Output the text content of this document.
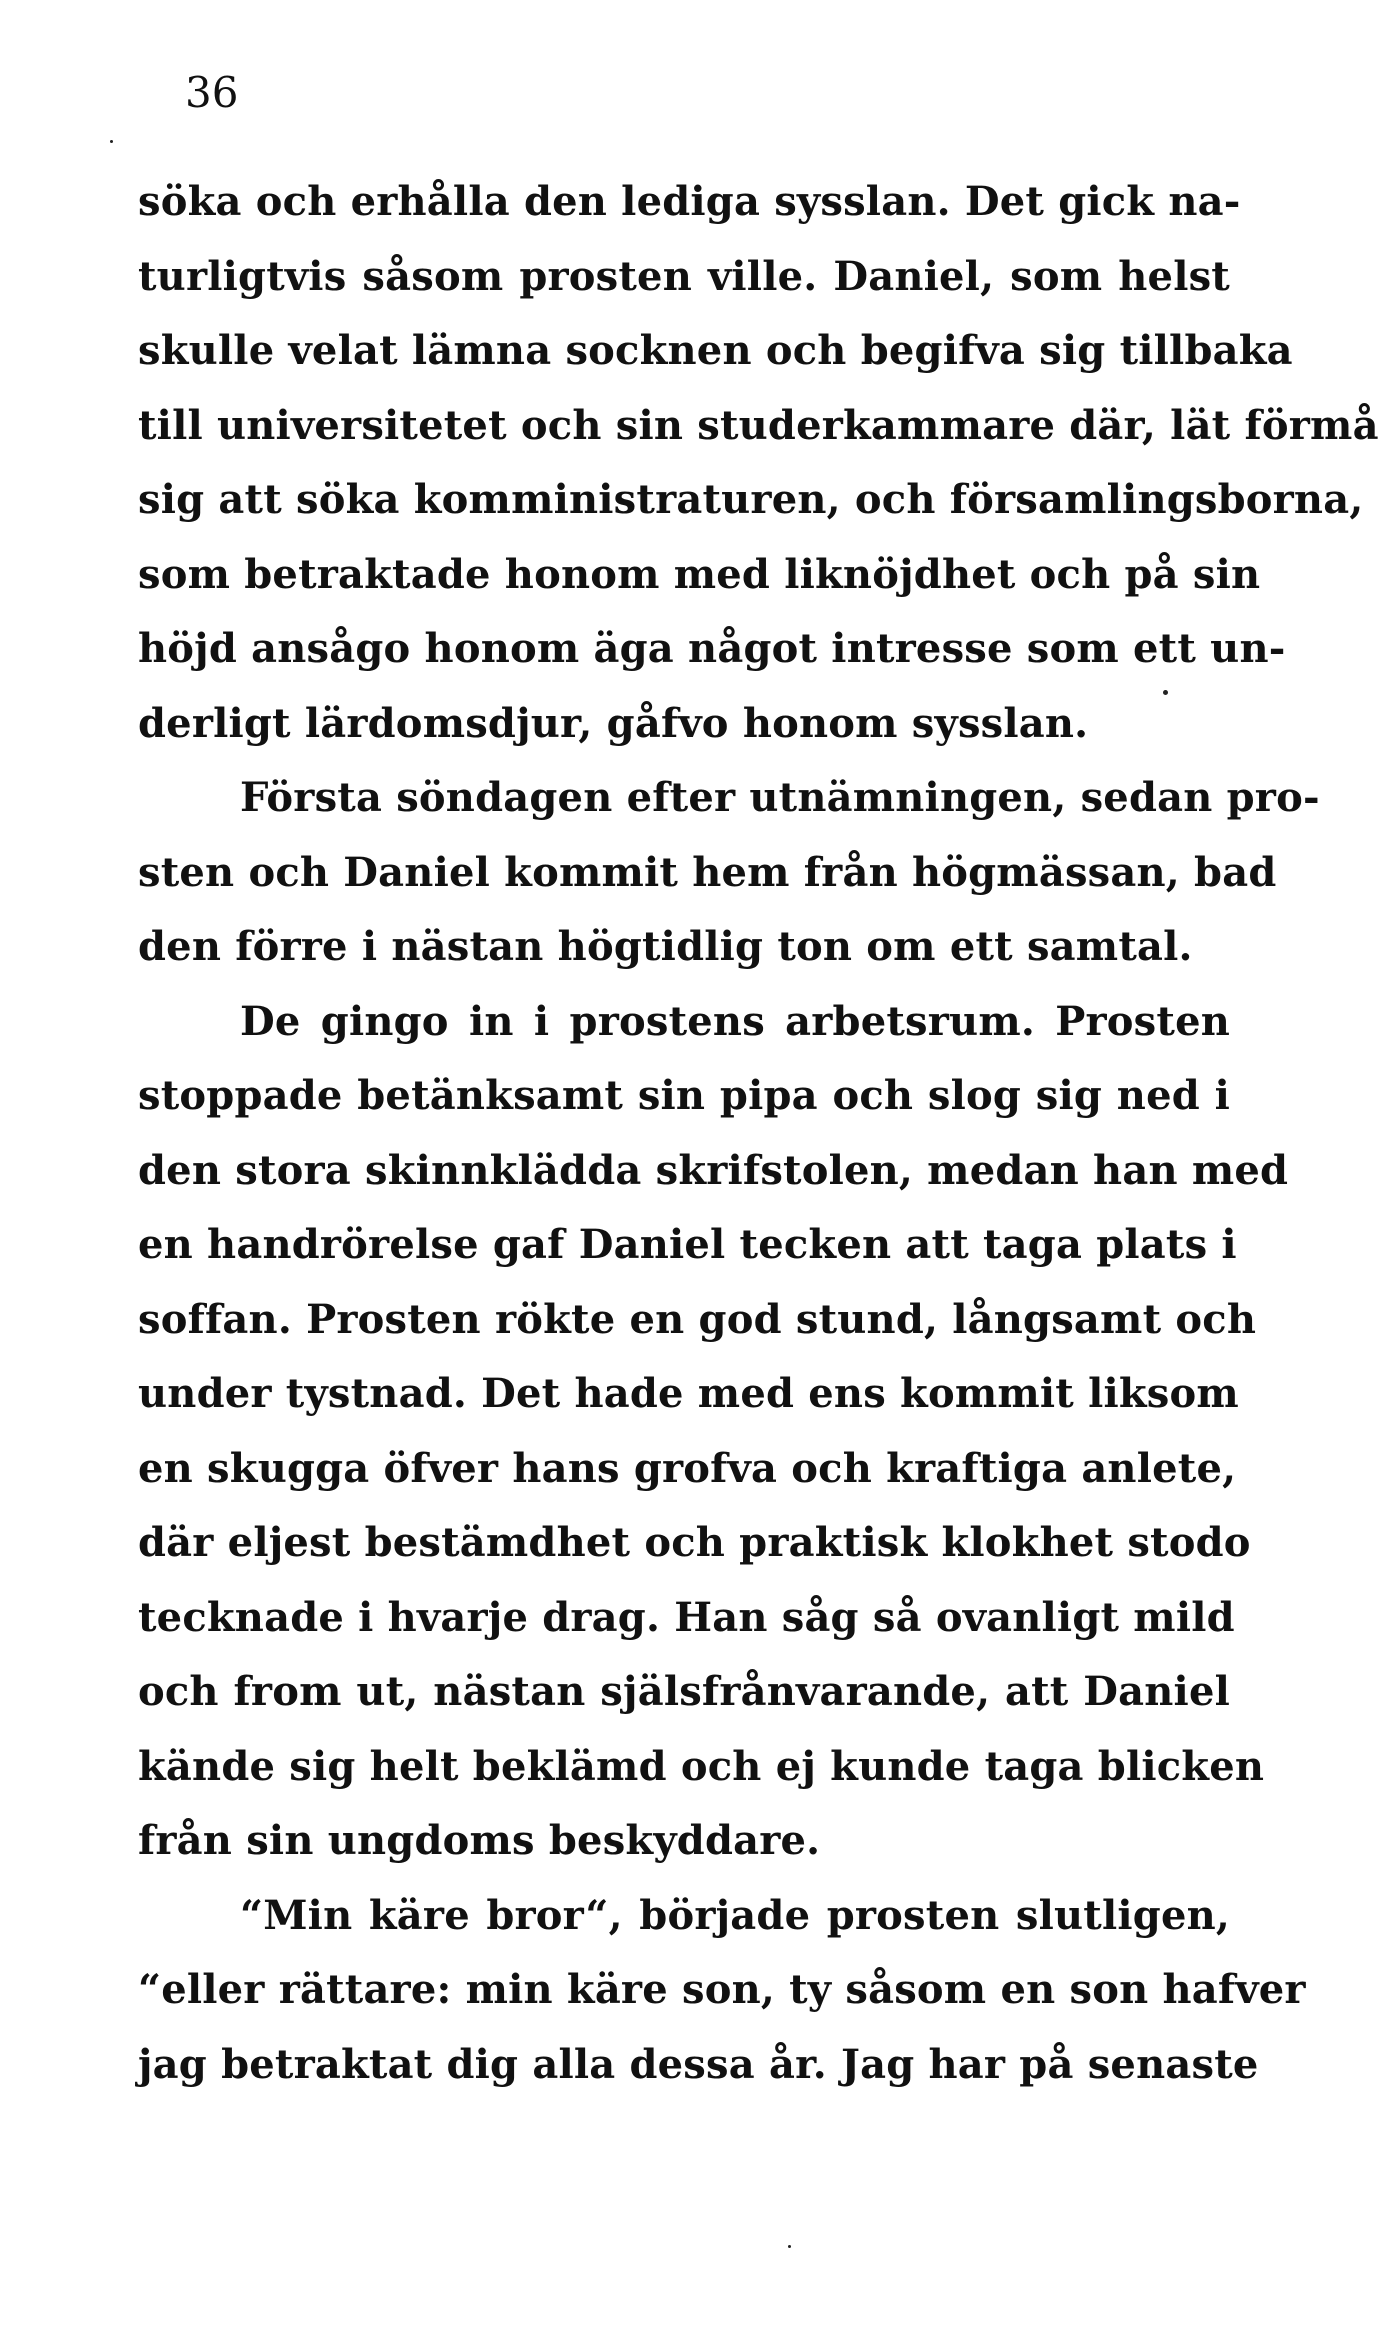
36
söka och erhålla den lediga sysslan. Det gick na-
turligtvis såsom prosten ville. Daniel, som helst
skulle velat lämna socknen och begifva sig tillbaka
till universitetet och sin studerkammare där, lät förmå
sig att söka komministraturen, och församlingsborna,
som betraktade honom med liknöjdhet och på sin
höjd ansågo honom äga något intresse som ett un-
derligt lärdomsdjur, gåfvo honom sysslan.
Första söndagen efter utnämningen, sedan pro-
sten och Daniel kommit hem från högmässan, bad
den förre i nästan högtidlig ton om ett samtal.
De gingo in i prostens arbetsrum. Prosten
stoppade betänksamt sin pipa och slog sig ned i
den stora skinnklädda skrifstolen, medan han med
en handrörelse gaf Daniel tecken att taga plats i
soffan. Prosten rökte en god stund, långsamt och
under tystnad. Det hade med ens kommit liksom
en skugga öfver hans grofva och kraftiga anlete,
där eljest bestämdhet och praktisk klokhet stodo
tecknade i hvarje drag. Han såg så ovanligt mild
och from ut, nästan själsfrånvarande, att Daniel
kände sig helt beklämd och ej kunde taga blicken
från sin ungdoms beskyddare.
“Min käre bror“, började prosten slutligen,
“eller rättare: min käre son, ty såsom en son hafver
jag betraktat dig alla dessa år. Jag har på senaste
